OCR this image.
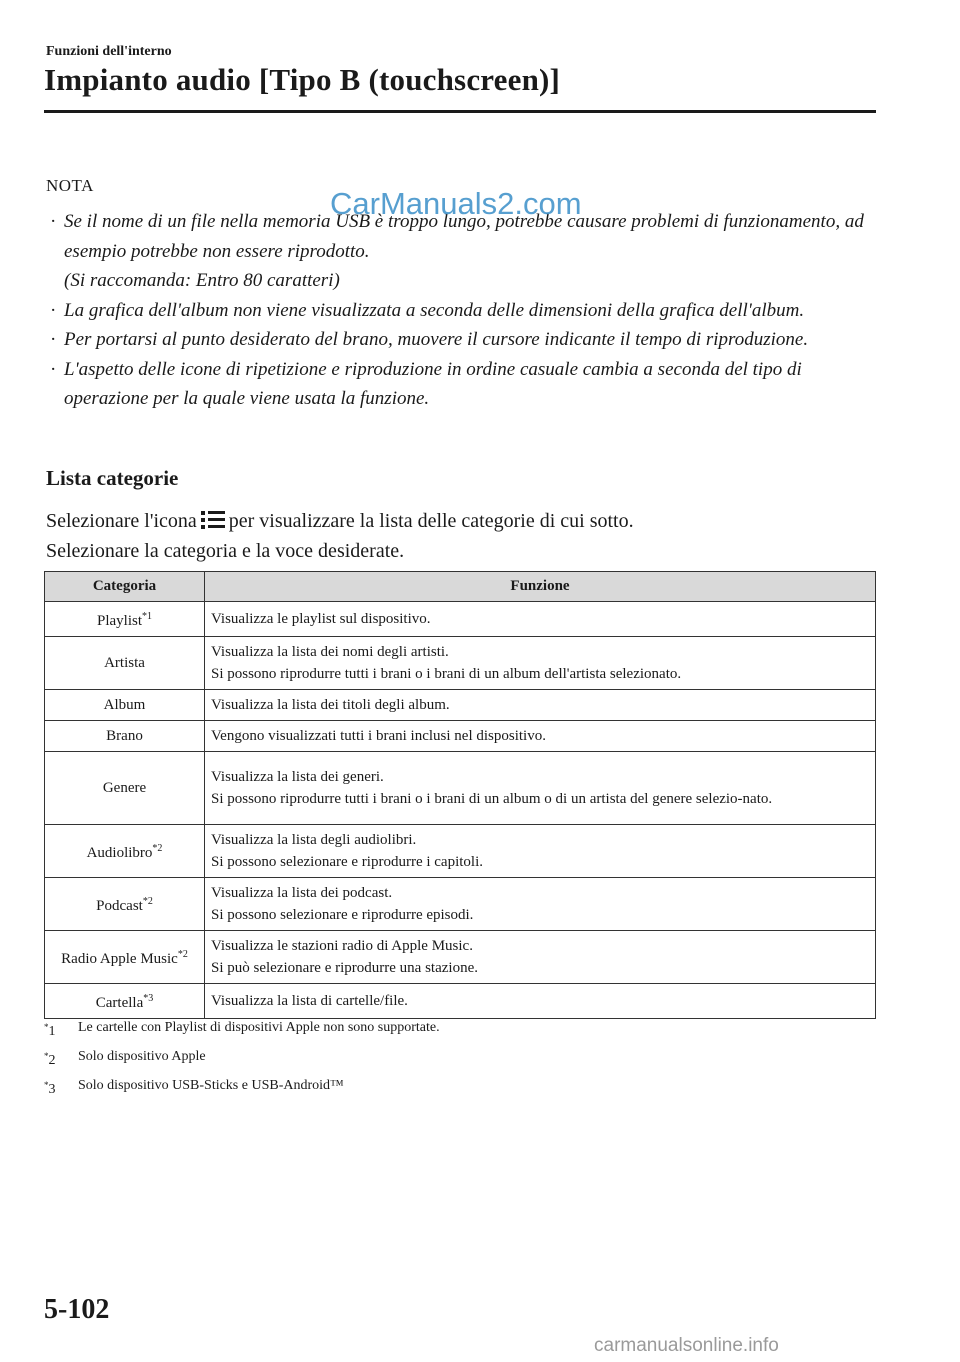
Funzioni dell'interno
Impianto audio [Tipo B (touchscreen)]
NOTA
· Se il nome di un file nella memoria USB è troppo lungo, potrebbe causare problemi di funzionamento, ad esempio potrebbe non essere riprodotto.
(Si raccomanda: Entro 80 caratteri)
· La grafica dell'album non viene visualizzata a seconda delle dimensioni della grafica dell'album.
· Per portarsi al punto desiderato del brano, muovere il cursore indicante il tempo di riproduzione.
· L'aspetto delle icone di ripetizione e riproduzione in ordine casuale cambia a seconda del tipo di operazione per la quale viene usata la funzione.
CarManuals2.com
Lista categorie
Selezionare l'icona per visualizzare la lista delle categorie di cui sotto.
Selezionare la categoria e la voce desiderate.
Categoria	Funzione
Playlist$^{*1}$	Visualizza le playlist sul dispositivo.

Artista	Visualizza la lista dei nomi degli artisti.
Si possono riprodurre tutti i brani o i brani di un album dell'artista selezionato.

Album	Visualizza la lista dei titoli degli album.

Brano	Vengono visualizzati tutti i brani inclusi nel dispositivo.

Genere	Visualizza la lista dei generi.
Si possono riprodurre tutti i brani o i brani di un album o di un artista del genere selezio-nato.

Audiolibro$^{*2}$	Visualizza la lista degli audiolibri.
Si possono selezionare e riprodurre i capitoli.

Podcast$^{*2}$	Visualizza la lista dei podcast.
Si possono selezionare e riprodurre episodi.

Radio Apple Music$^{*2}$	Visualizza le stazioni radio di Apple Music.
Si può selezionare e riprodurre una stazione.

Cartella$^{*3}$	Visualizza la lista di cartelle/file.
*1	Le cartelle con Playlist di dispositivi Apple non sono supportate.
*2	Solo dispositivo Apple
*3	Solo dispositivo USB-Sticks e USB-Android™
5-102
carmanualsonline.info
